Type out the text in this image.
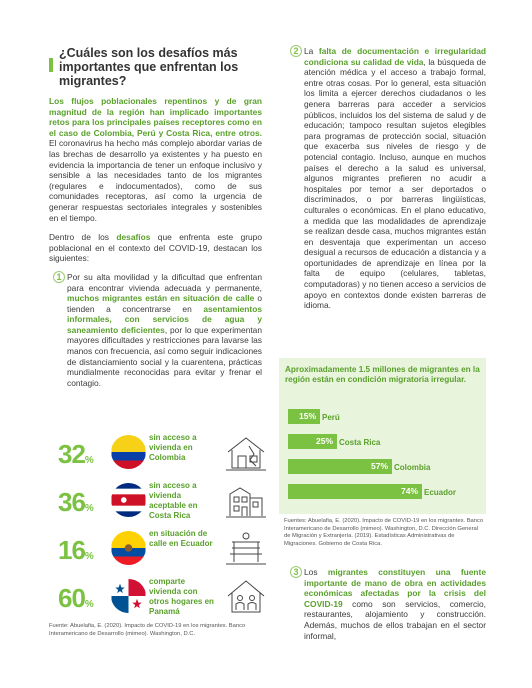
¿Cuáles son los desafíos más importantes que enfrentan los migrantes?

Los flujos poblacionales repentinos y de gran magnitud de la región han implicado importantes retos para los principales países receptores como en el caso de Colombia, Perú y Costa Rica, entre otros. El coronavirus ha hecho más complejo abordar varias de las brechas de desarrollo ya existentes y ha puesto en evidencia la importancia de tener un enfoque inclusivo y sensible a las necesidades tanto de los migrantes (regulares e indocumentados), como de sus comunidades receptoras, así como la urgencia de generar respuestas sectoriales integrales y sostenibles en el tiempo.

Dentro de los desafíos que enfrenta este grupo poblacional en el contexto del COVID-19, destacan los siguientes:

1 Por su alta movilidad y la dificultad que enfrentan para encontrar vivienda adecuada y permanente, muchos migrantes están en situación de calle o tienden a concentrarse en asentamientos informales, con servicios de agua y saneamiento deficientes, por lo que experimentan mayores dificultades y restricciones para lavarse las manos con frecuencia, así como seguir indicaciones de distanciamiento social y la cuarentena, prácticas mundialmente reconocidas para evitar y frenar el contagio.

32%
sin acceso a vivienda en Colombia
36%
sin acceso a vivienda aceptable en Costa Rica
16%
en situación de calle en Ecuador
60%
comparte vivienda con otros hogares en Panamá
Fuente: Abuelafia, E. (2020). Impacto de COVID-19 en los migrantes. Banco Interamericano de Desarrollo (mimeo). Washington, D.C.
2 La falta de documentación e irregularidad condiciona su calidad de vida, la búsqueda de atención médica y el acceso a trabajo formal, entre otras cosas. Por lo general, esta situación los limita a ejercer derechos ciudadanos o les genera barreras para acceder a servicios públicos, incluidos los del sistema de salud y de educación; tampoco resultan sujetos elegibles para programas de protección social, situación que exacerba sus niveles de riesgo y de potencial contagio. Incluso, aunque en muchos países el derecho a la salud es universal, algunos migrantes prefieren no acudir a hospitales por temor a ser deportados o discriminados, o por barreras lingüísticas, culturales o económicas. En el plano educativo, a medida que las modalidades de aprendizaje se realizan desde casa, muchos migrantes están en desventaja que experimentan un acceso desigual a recursos de educación a distancia y a oportunidades de aprendizaje en línea por la falta de equipo (celulares, tabletas, computadoras) y no tienen acceso a servicios de apoyo en contextos donde existen barreras de idioma.

Aproximadamente 1.5 millones de migrantes en la región están en condición migratoria irregular.
15% Perú
25% Costa Rica
57% Colombia
74% Ecuador
Fuentes: Abuelafia, E. (2020). Impacto de COVID-19 en los migrantes. Banco Interamericano de Desarrollo (mimeo). Washington, D.C. Dirección General de Migración y Extranjería. (2019). Estadísticas Administrativas de Migraciones. Gobierno de Costa Rica.
3 Los migrantes constituyen una fuente importante de mano de obra en actividades económicas afectadas por la crisis del COVID-19 como son servicios, comercio, restaurantes, alojamiento y construcción. Además, muchos de ellos trabajan en el sector informal,
